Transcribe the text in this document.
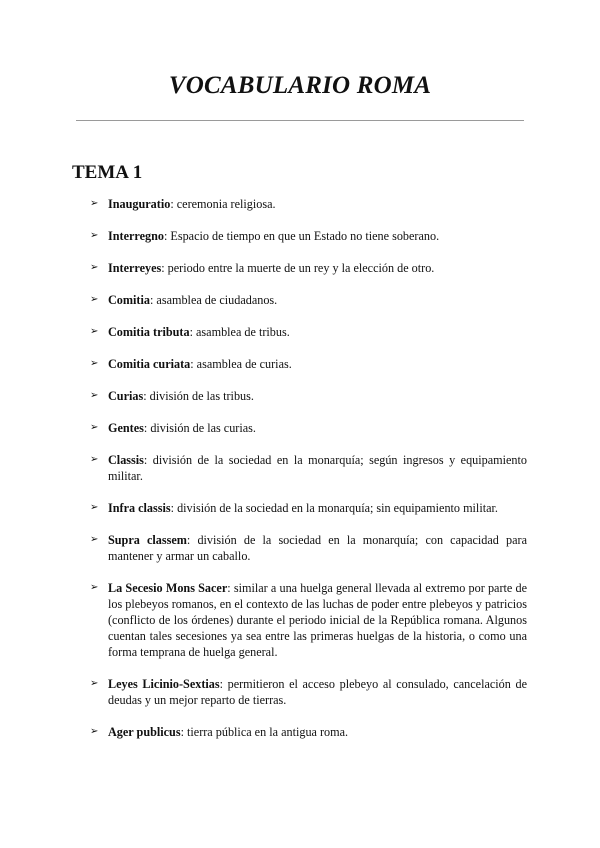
VOCABULARIO ROMA
TEMA 1
➢ Inauguratio: ceremonia religiosa.
➢ Interregno: Espacio de tiempo en que un Estado no tiene soberano.
➢ Interreyes: periodo entre la muerte de un rey y la elección de otro.
➢ Comitia: asamblea de ciudadanos.
➢ Comitia tributa: asamblea de tribus.
➢ Comitia curiata: asamblea de curias.
➢ Curias: división de las tribus.
➢ Gentes: división de las curias.
➢ Classis: división de la sociedad en la monarquía; según ingresos y equipamiento militar.
➢ Infra classis: división de la sociedad en la monarquía; sin equipamiento militar.
➢ Supra classem: división de la sociedad en la monarquía; con capacidad para mantener y armar un caballo.
➢ La Secesio Mons Sacer: similar a una huelga general llevada al extremo por parte de los plebeyos romanos, en el contexto de las luchas de poder entre plebeyos y patricios (conflicto de los órdenes) durante el periodo inicial de la República romana. Algunos cuentan tales secesiones ya sea entre las primeras huelgas de la historia, o como una forma temprana de huelga general.
➢ Leyes Licinio-Sextias: permitieron el acceso plebeyo al consulado, cancelación de deudas y un mejor reparto de tierras.
➢ Ager publicus: tierra pública en la antigua roma.
